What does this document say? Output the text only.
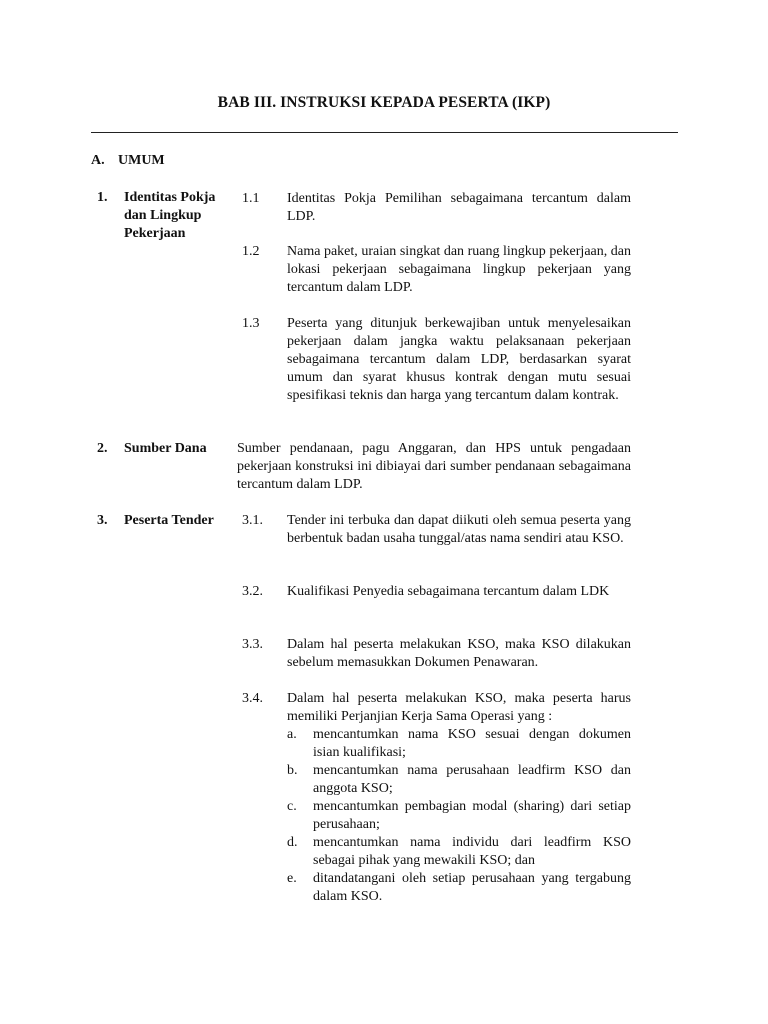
BAB III. INSTRUKSI KEPADA PESERTA (IKP)
A. UMUM
1. Identitas Pokja dan Lingkup Pekerjaan
1.1	Identitas Pokja Pemilihan sebagaimana tercantum dalam LDP.
1.2	Nama paket, uraian singkat dan ruang lingkup pekerjaan, dan lokasi pekerjaan sebagaimana lingkup pekerjaan yang tercantum dalam LDP.
1.3	Peserta yang ditunjuk berkewajiban untuk menyelesaikan pekerjaan dalam jangka waktu pelaksanaan pekerjaan sebagaimana tercantum dalam LDP, berdasarkan syarat umum dan syarat khusus kontrak dengan mutu sesuai spesifikasi teknis dan harga yang tercantum dalam kontrak.
2. Sumber Dana	Sumber pendanaan, pagu Anggaran, dan HPS untuk pengadaan pekerjaan konstruksi ini dibiayai dari sumber pendanaan sebagaimana tercantum dalam LDP.
3. Peserta Tender	3.1.	Tender ini terbuka dan dapat diikuti oleh semua peserta yang berbentuk badan usaha tunggal/atas nama sendiri atau KSO.
3.2.	Kualifikasi Penyedia sebagaimana tercantum dalam LDK
3.3.	Dalam hal peserta melakukan KSO, maka KSO dilakukan sebelum memasukkan Dokumen Penawaran.
3.4.	Dalam hal peserta melakukan KSO, maka peserta harus memiliki Perjanjian Kerja Sama Operasi yang :
a.	mencantumkan nama KSO sesuai dengan dokumen isian kualifikasi;
b.	mencantumkan nama perusahaan leadfirm KSO dan anggota KSO;
c.	mencantumkan pembagian modal (sharing) dari setiap perusahaan;
d.	mencantumkan nama individu dari leadfirm KSO sebagai pihak yang mewakili KSO; dan
e.	ditandatangani oleh setiap perusahaan yang tergabung dalam KSO.
